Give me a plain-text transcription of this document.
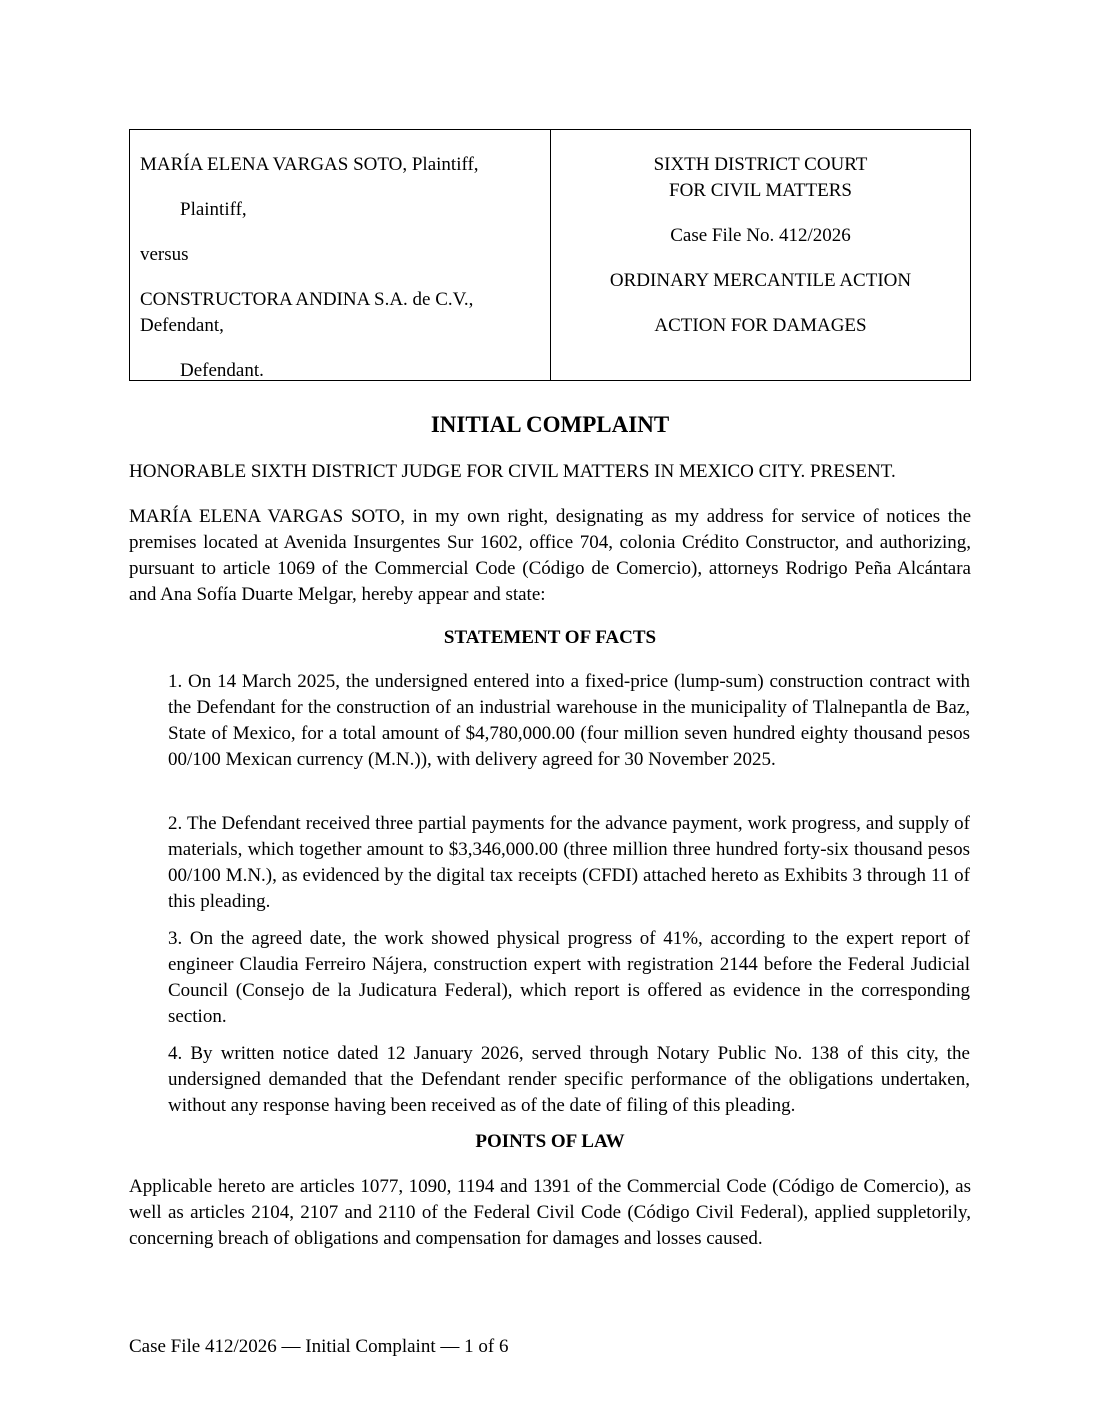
MARÍA ELENA VARGAS SOTO, Plaintiff,

Plaintiff,

versus

CONSTRUCTORA ANDINA S.A. de C.V.,

Defendant,

Defendant.

SIXTH DISTRICT COURT

FOR CIVIL MATTERS

Case File No. 412/2026

ORDINARY MERCANTILE ACTION

ACTION FOR DAMAGES

INITIAL COMPLAINT

HONORABLE SIXTH DISTRICT JUDGE FOR CIVIL MATTERS IN MEXICO CITY. PRESENT.

MARÍA ELENA VARGAS SOTO, in my own right, designating as my address for service of notices the premises located at Avenida Insurgentes Sur 1602, office 704, colonia Crédito Constructor, and authorizing, pursuant to article 1069 of the Commercial Code (Código de Comercio), attorneys Rodrigo Peña Alcántara and Ana Sofía Duarte Melgar, hereby appear and state:

STATEMENT OF FACTS

1. On 14 March 2025, the undersigned entered into a fixed-price (lump-sum) construction contract with the Defendant for the construction of an industrial warehouse in the municipality of Tlalnepantla de Baz, State of Mexico, for a total amount of $4,780,000.00 (four million seven hundred eighty thousand pesos 00/100 Mexican currency (M.N.)), with delivery agreed for 30 November 2025.

2. The Defendant received three partial payments for the advance payment, work progress, and supply of materials, which together amount to $3,346,000.00 (three million three hundred forty-six thousand pesos 00/100 M.N.), as evidenced by the digital tax receipts (CFDI) attached hereto as Exhibits 3 through 11 of this pleading.

3. On the agreed date, the work showed physical progress of 41%, according to the expert report of engineer Claudia Ferreiro Nájera, construction expert with registration 2144 before the Federal Judicial Council (Consejo de la Judicatura Federal), which report is offered as evidence in the corresponding section.

4. By written notice dated 12 January 2026, served through Notary Public No. 138 of this city, the undersigned demanded that the Defendant render specific performance of the obligations undertaken, without any response having been received as of the date of filing of this pleading.

POINTS OF LAW

Applicable hereto are articles 1077, 1090, 1194 and 1391 of the Commercial Code (Código de Comercio), as well as articles 2104, 2107 and 2110 of the Federal Civil Code (Código Civil Federal), applied suppletorily, concerning breach of obligations and compensation for damages and losses caused.

Case File 412/2026 — Initial Complaint — 1 of 6
